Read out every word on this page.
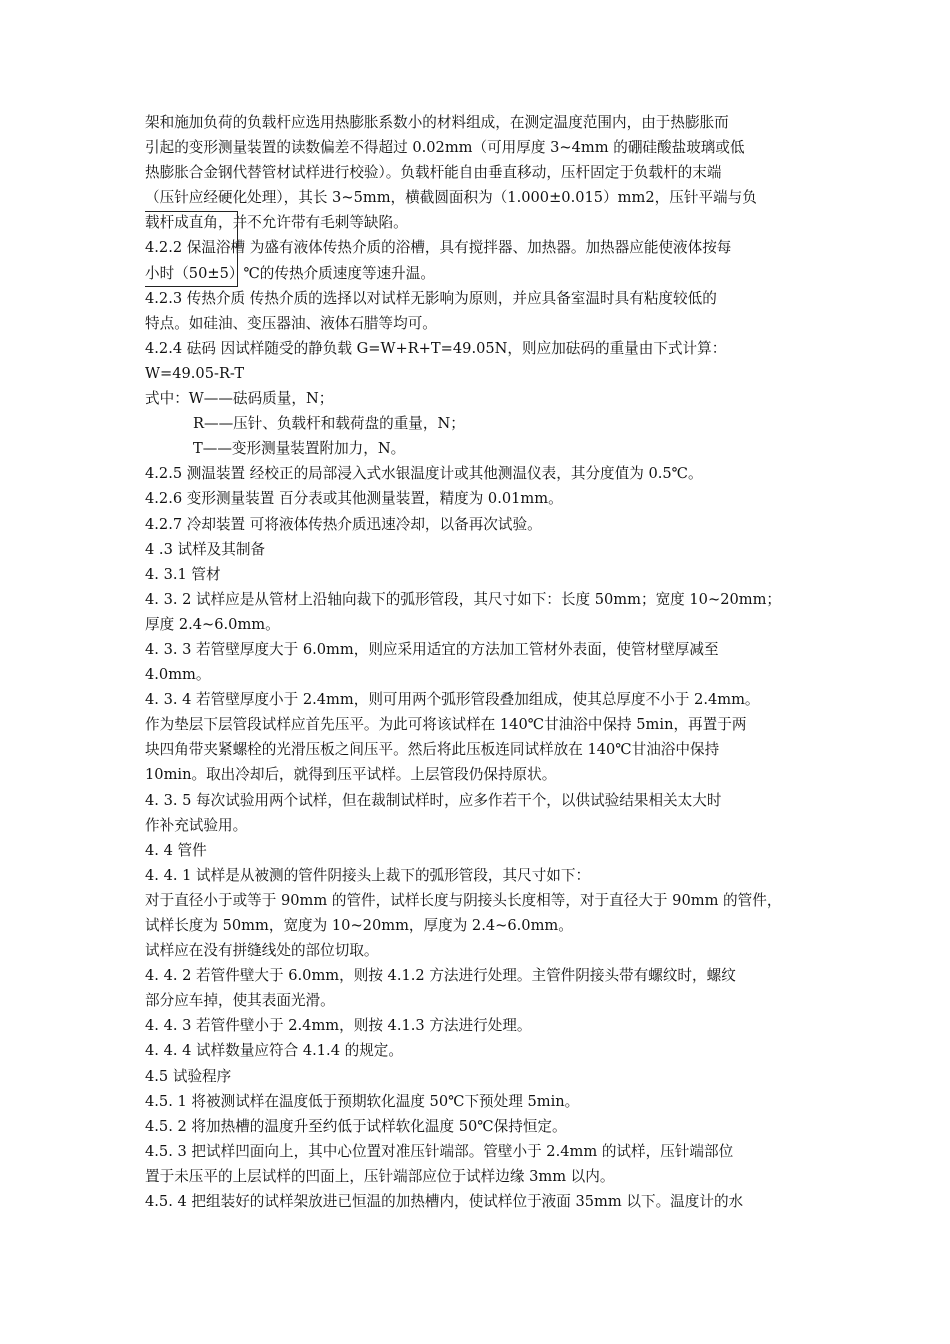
架和施加负荷的负载杆应选用热膨胀系数小的材料组成，在测定温度范围内，由于热膨胀而
引起的变形测量装置的读数偏差不得超过 0.02mm（可用厚度 3~4mm 的硼硅酸盐玻璃或低
热膨胀合金钢代替管材试样进行校验）。负载杆能自由垂直移动，压杆固定于负载杆的末端
（压针应经硬化处理），其长 3~5mm，横截圆面积为（1.000±0.015）mm2，压针平端与负
载杆成直角，并不允许带有毛刺等缺陷。
4.2.2 保温浴槽 为盛有液体传热介质的浴槽，具有搅拌器、加热器。加热器应能使液体按每
小时（50±5）℃的传热介质速度等速升温。
4.2.3 传热介质 传热介质的选择以对试样无影响为原则，并应具备室温时具有粘度较低的
特点。如硅油、变压器油、液体石腊等均可。
4.2.4 砝码 因试样随受的静负载 G=W+R+T=49.05N，则应加砝码的重量由下式计算：
W=49.05-R-T
式中：W——砝码质量，N；
R——压针、负载杆和载荷盘的重量，N；
T——变形测量装置附加力，N。
4.2.5 测温装置 经校正的局部浸入式水银温度计或其他测温仪表，其分度值为 0.5℃。
4.2.6 变形测量装置 百分表或其他测量装置，精度为 0.01mm。
4.2.7 冷却装置 可将液体传热介质迅速冷却，以备再次试验。
4 .3 试样及其制备
4. 3.1 管材
4. 3. 2 试样应是从管材上沿轴向裁下的弧形管段，其尺寸如下：长度 50mm；宽度 10~20mm；
厚度 2.4~6.0mm。
4. 3. 3 若管壁厚度大于 6.0mm，则应采用适宜的方法加工管材外表面，使管材壁厚减至
4.0mm。
4. 3. 4 若管壁厚度小于 2.4mm，则可用两个弧形管段叠加组成，使其总厚度不小于 2.4mm。
作为垫层下层管段试样应首先压平。为此可将该试样在 140℃甘油浴中保持 5min，再置于两
块四角带夹紧螺栓的光滑压板之间压平。然后将此压板连同试样放在 140℃甘油浴中保持
10min。取出冷却后，就得到压平试样。上层管段仍保持原状。
4. 3. 5 每次试验用两个试样，但在裁制试样时，应多作若干个，以供试验结果相关太大时
作补充试验用。
4. 4 管件
4. 4. 1 试样是从被测的管件阴接头上裁下的弧形管段，其尺寸如下：
对于直径小于或等于 90mm 的管件，试样长度与阴接头长度相等，对于直径大于 90mm 的管件，
试样长度为 50mm，宽度为 10~20mm，厚度为 2.4~6.0mm。
试样应在没有拼缝线处的部位切取。
4. 4. 2 若管件壁大于 6.0mm，则按 4.1.2 方法进行处理。主管件阴接头带有螺纹时，螺纹
部分应车掉，使其表面光滑。
4. 4. 3 若管件壁小于 2.4mm，则按 4.1.3 方法进行处理。
4. 4. 4 试样数量应符合 4.1.4 的规定。
4.5 试验程序
4.5. 1 将被测试样在温度低于预期软化温度 50℃下预处理 5min。
4.5. 2 将加热槽的温度升至约低于试样软化温度 50℃保持恒定。
4.5. 3 把试样凹面向上，其中心位置对准压针端部。管壁小于 2.4mm 的试样，压针端部位
置于未压平的上层试样的凹面上，压针端部应位于试样边缘 3mm 以内。
4.5. 4 把组装好的试样架放进已恒温的加热槽内，使试样位于液面 35mm 以下。温度计的水
